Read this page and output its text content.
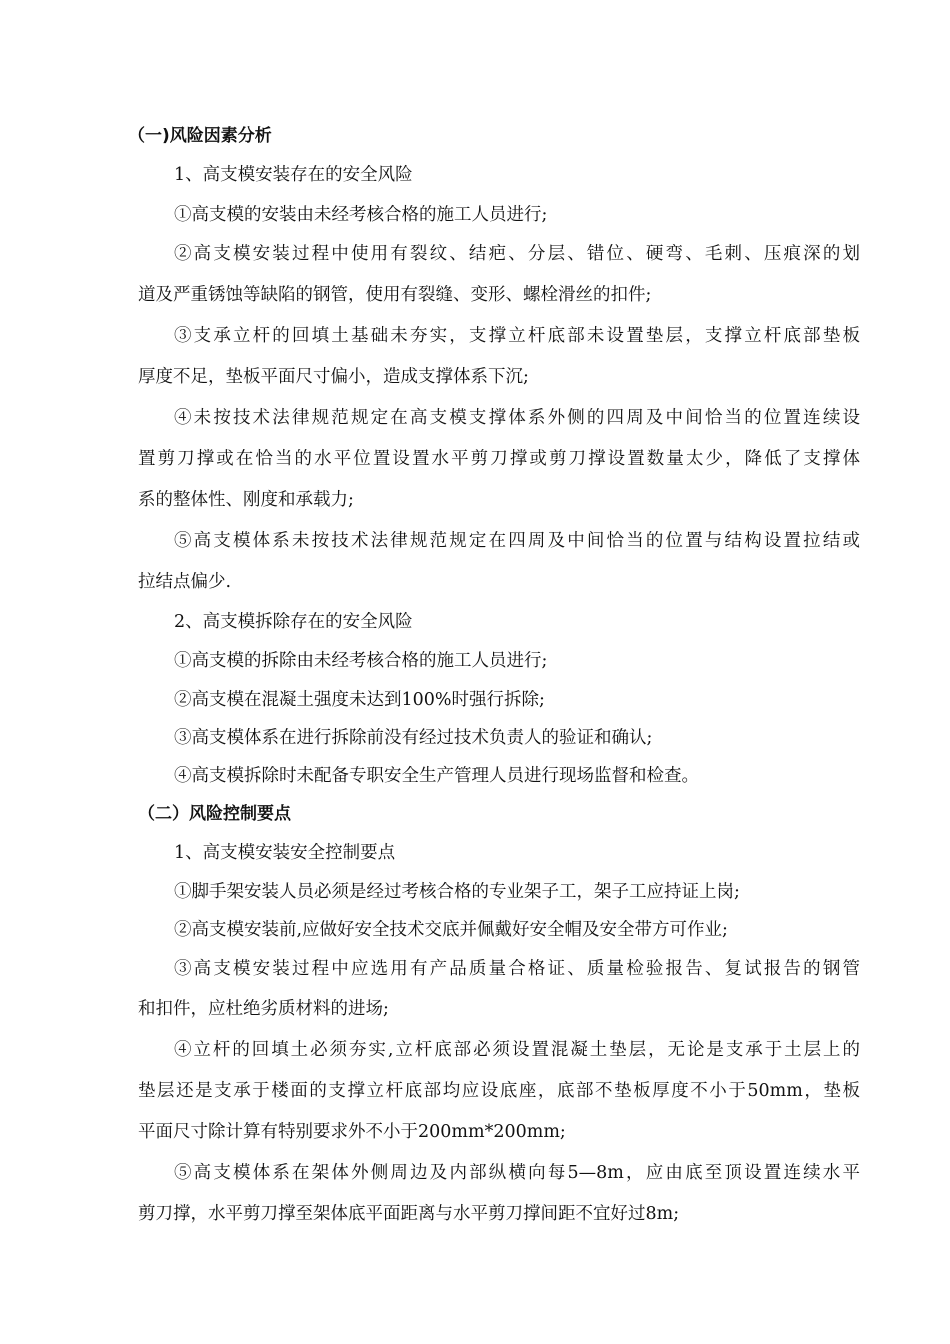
（一)风险因素分析
1、高支模安装存在的安全风险
①高支模的安装由未经考核合格的施工人员进行;
②高支模安装过程中使用有裂纹、结疤、分层、错位、硬弯、毛刺、压痕深的划
道及严重锈蚀等缺陷的钢管，使用有裂缝、变形、螺栓滑丝的扣件;
③支承立杆的回填土基础未夯实，支撑立杆底部未设置垫层，支撑立杆底部垫板
厚度不足，垫板平面尺寸偏小，造成支撑体系下沉;
④未按技术法律规范规定在高支模支撑体系外侧的四周及中间恰当的位置连续设
置剪刀撑或在恰当的水平位置设置水平剪刀撑或剪刀撑设置数量太少，降低了支撑体
系的整体性、刚度和承载力;
⑤高支模体系未按技术法律规范规定在四周及中间恰当的位置与结构设置拉结或
拉结点偏少.
2、高支模拆除存在的安全风险
①高支模的拆除由未经考核合格的施工人员进行;
②高支模在混凝土强度未达到100%时强行拆除;
③高支模体系在进行拆除前没有经过技术负责人的验证和确认;
④高支模拆除时未配备专职安全生产管理人员进行现场监督和检查。
（二）风险控制要点
1、高支模安装安全控制要点
①脚手架安装人员必须是经过考核合格的专业架子工，架子工应持证上岗;
②高支模安装前,应做好安全技术交底并佩戴好安全帽及安全带方可作业;
③高支模安装过程中应选用有产品质量合格证、质量检验报告、复试报告的钢管
和扣件，应杜绝劣质材料的进场;
④立杆的回填土必须夯实,立杆底部必须设置混凝土垫层，无论是支承于土层上的
垫层还是支承于楼面的支撑立杆底部均应设底座，底部不垫板厚度不小于50mm，垫板
平面尺寸除计算有特别要求外不小于200mm*200mm;
⑤高支模体系在架体外侧周边及内部纵横向每5—8m，应由底至顶设置连续水平
剪刀撑，水平剪刀撑至架体底平面距离与水平剪刀撑间距不宜好过8m;
